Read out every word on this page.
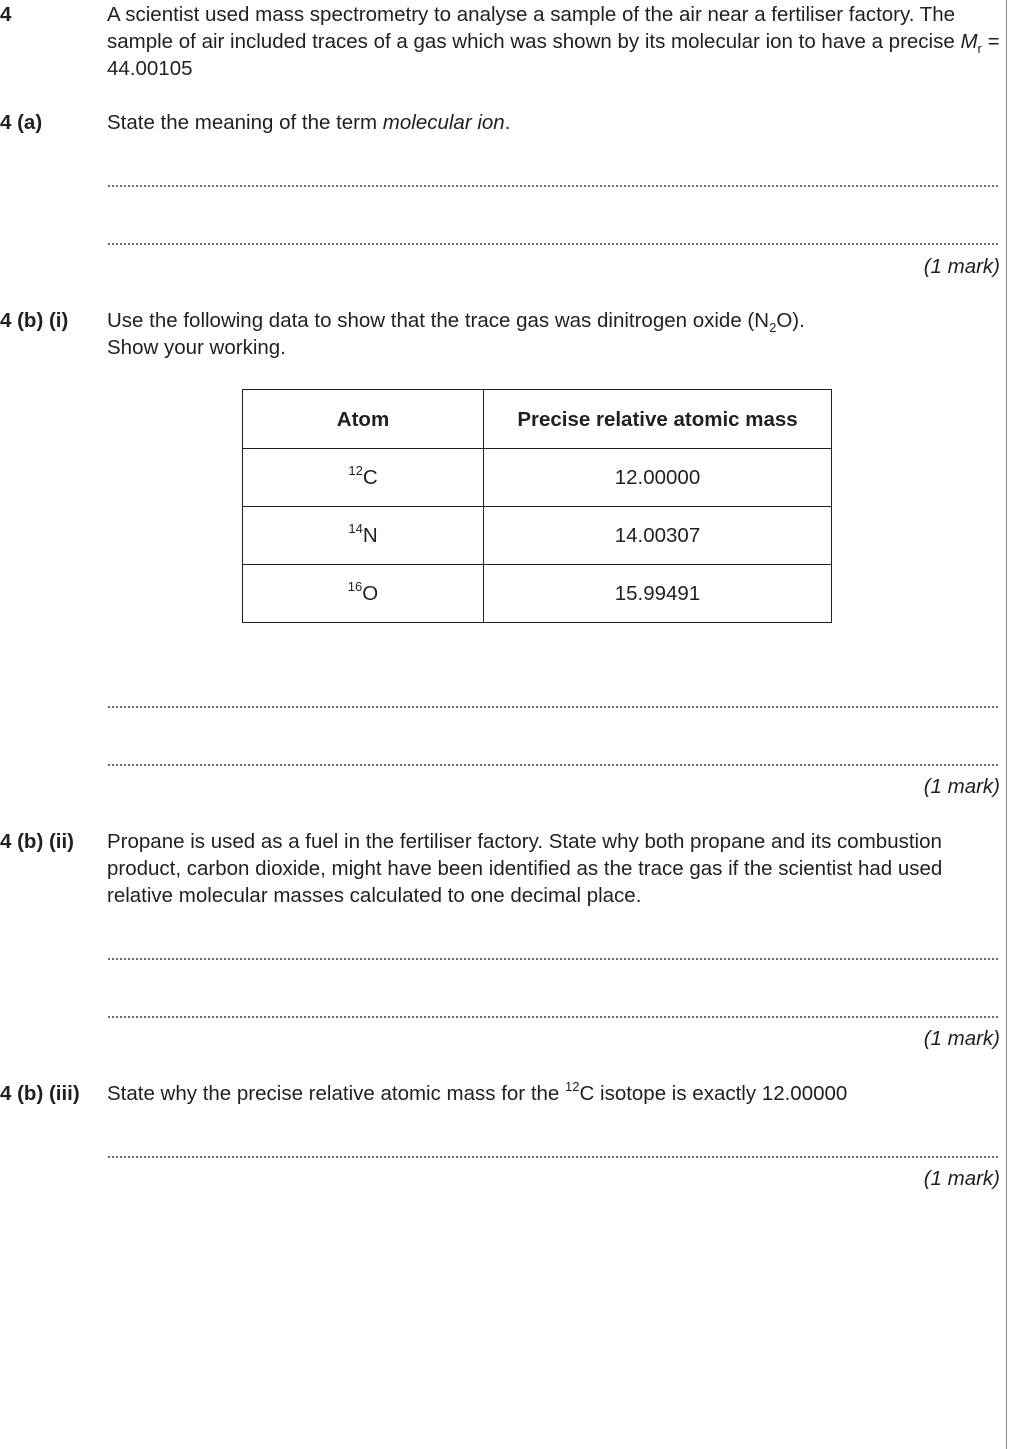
4	A scientist used mass spectrometry to analyse a sample of the air near a fertiliser factory. The sample of air included traces of a gas which was shown by its molecular ion to have a precise $M_r = 44.00105$

4 (a)	State the meaning of the term molecular ion.

(1 mark)
4 (b) (i) Use the following data to show that the trace gas was dinitrogen oxide $(N_2O)$.

Show your working.

Atom	Precise relative atomic mass
$^{12}$C	12.00000
$^{14}$N	14.00307
$^{16}$O	15.99491
(1 mark)
4 (b) (ii) Propane is used as a fuel in the fertiliser factory. State why both propane and its combustion product, carbon dioxide, might have been identified as the trace gas if the scientist had used relative molecular masses calculated to one decimal place.

(1 mark)
4 (b) (iii) State why the precise relative atomic mass for the $^{12}$C isotope is exactly 12.00000

(1 mark)
